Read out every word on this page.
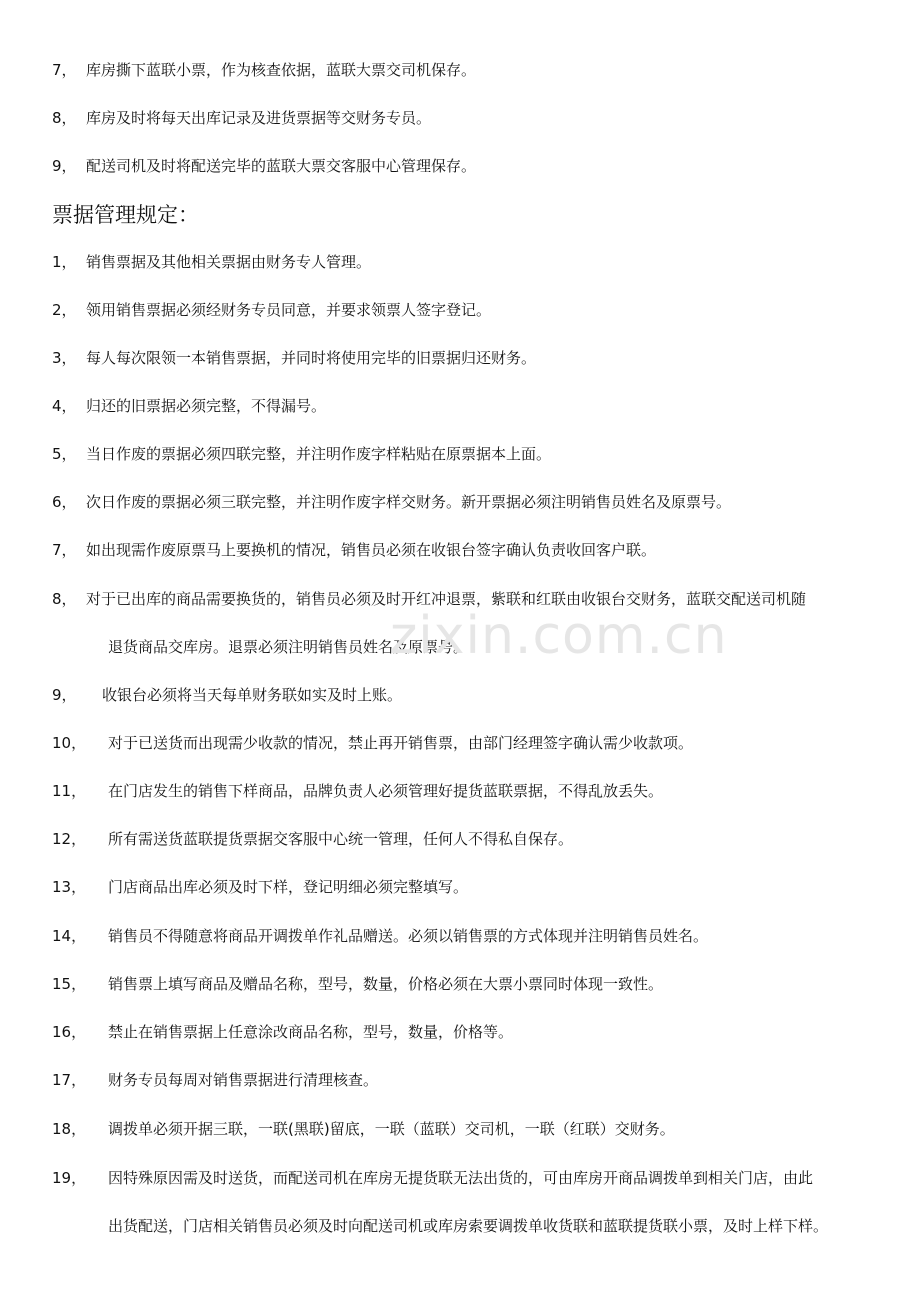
7， 库房撕下蓝联小票，作为核查依据，蓝联大票交司机保存。
8， 库房及时将每天出库记录及进货票据等交财务专员。
9， 配送司机及时将配送完毕的蓝联大票交客服中心管理保存。
票据管理规定：
1， 销售票据及其他相关票据由财务专人管理。
2， 领用销售票据必须经财务专员同意，并要求领票人签字登记。
3， 每人每次限领一本销售票据，并同时将使用完毕的旧票据归还财务。
4， 归还的旧票据必须完整，不得漏号。
5， 当日作废的票据必须四联完整，并注明作废字样粘贴在原票据本上面。
6， 次日作废的票据必须三联完整，并注明作废字样交财务。新开票据必须注明销售员姓名及原票号。
7， 如出现需作废原票马上要换机的情况，销售员必须在收银台签字确认负责收回客户联。
8， 对于已出库的商品需要换货的，销售员必须及时开红冲退票，紫联和红联由收银台交财务，蓝联交配送司机随
退货商品交库房。退票必须注明销售员姓名及原票号。
9， 收银台必须将当天每单财务联如实及时上账。
10， 对于已送货而出现需少收款的情况，禁止再开销售票，由部门经理签字确认需少收款项。
11， 在门店发生的销售下样商品，品牌负责人必须管理好提货蓝联票据，不得乱放丢失。
12， 所有需送货蓝联提货票据交客服中心统一管理，任何人不得私自保存。
13， 门店商品出库必须及时下样，登记明细必须完整填写。
14， 销售员不得随意将商品开调拨单作礼品赠送。必须以销售票的方式体现并注明销售员姓名。
15， 销售票上填写商品及赠品名称，型号，数量，价格必须在大票小票同时体现一致性。
16， 禁止在销售票据上任意涂改商品名称，型号，数量，价格等。
17， 财务专员每周对销售票据进行清理核查。
18， 调拨单必须开据三联，一联(黑联)留底，一联（蓝联）交司机，一联（红联）交财务。
19， 因特殊原因需及时送货，而配送司机在库房无提货联无法出货的，可由库房开商品调拨单到相关门店，由此
出货配送，门店相关销售员必须及时向配送司机或库房索要调拨单收货联和蓝联提货联小票，及时上样下样。
zixin.com.cn
